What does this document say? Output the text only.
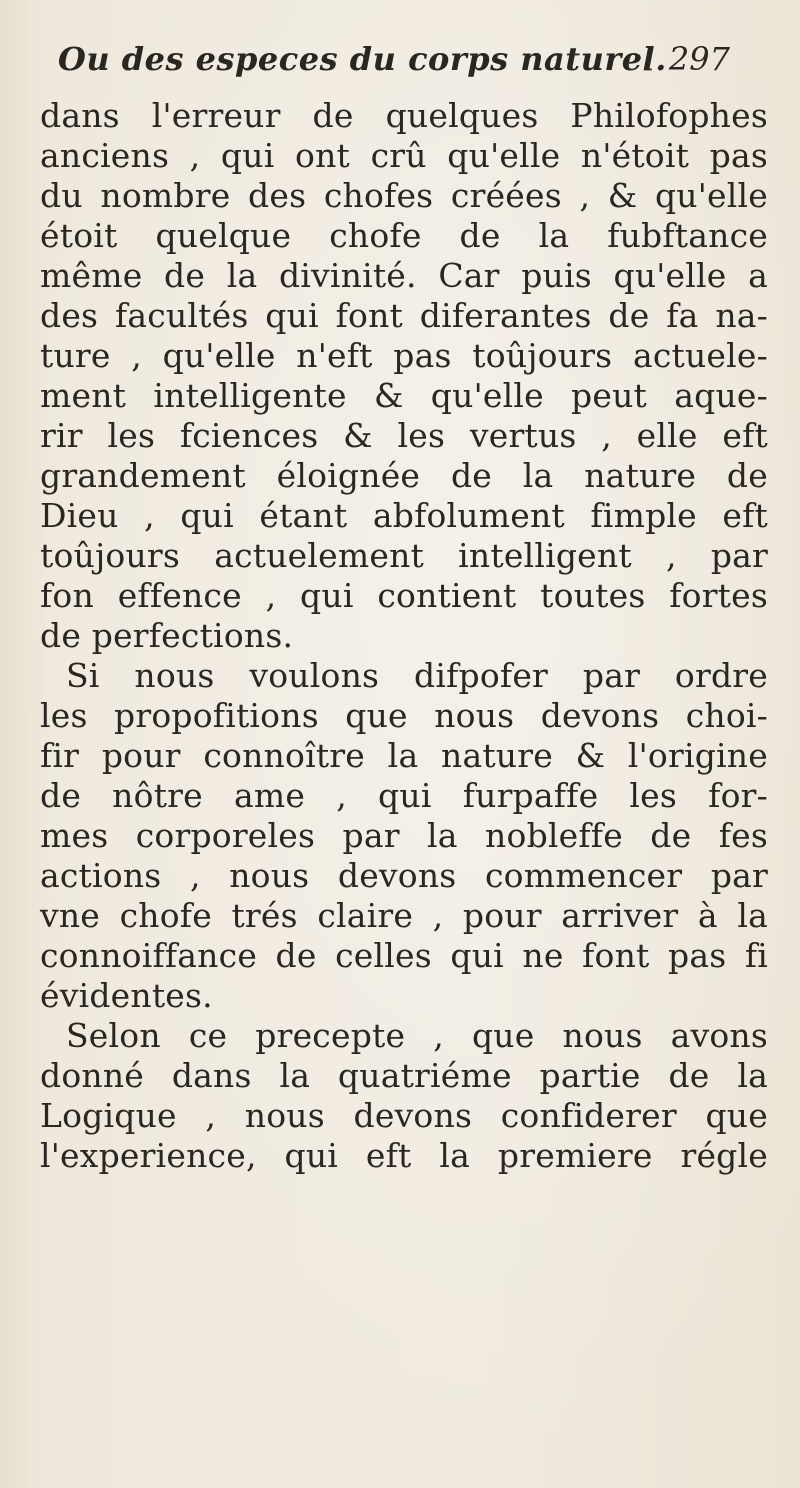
Ou des especes du corps naturel. 297
dans l'erreur de quelques Philofophes
anciens , qui ont crû qu'elle n'étoit pas
du nombre des chofes créées , & qu'elle
étoit quelque chofe de la fubftance
même de la divinité. Car puis qu'elle a
des facultés qui font diferantes de fa na-
ture , qu'elle n'eft pas toûjours actuele-
ment intelligente & qu'elle peut aque-
rir les fciences & les vertus , elle eft
grandement éloignée de la nature de
Dieu , qui étant abfolument fimple eft
toûjours actuelement intelligent , par
fon effence , qui contient toutes fortes
de perfections.
Si nous voulons difpofer par ordre
les propofitions que nous devons choi-
fir pour connoître la nature & l'origine
de nôtre ame , qui furpaffe les for-
mes corporeles par la nobleffe de fes
actions , nous devons commencer par
vne chofe trés claire , pour arriver à la
connoiffance de celles qui ne font pas fi
évidentes.
Selon ce precepte , que nous avons
donné dans la quatriéme partie de la
Logique , nous devons confiderer que
l'experience, qui eft la premiere régle
